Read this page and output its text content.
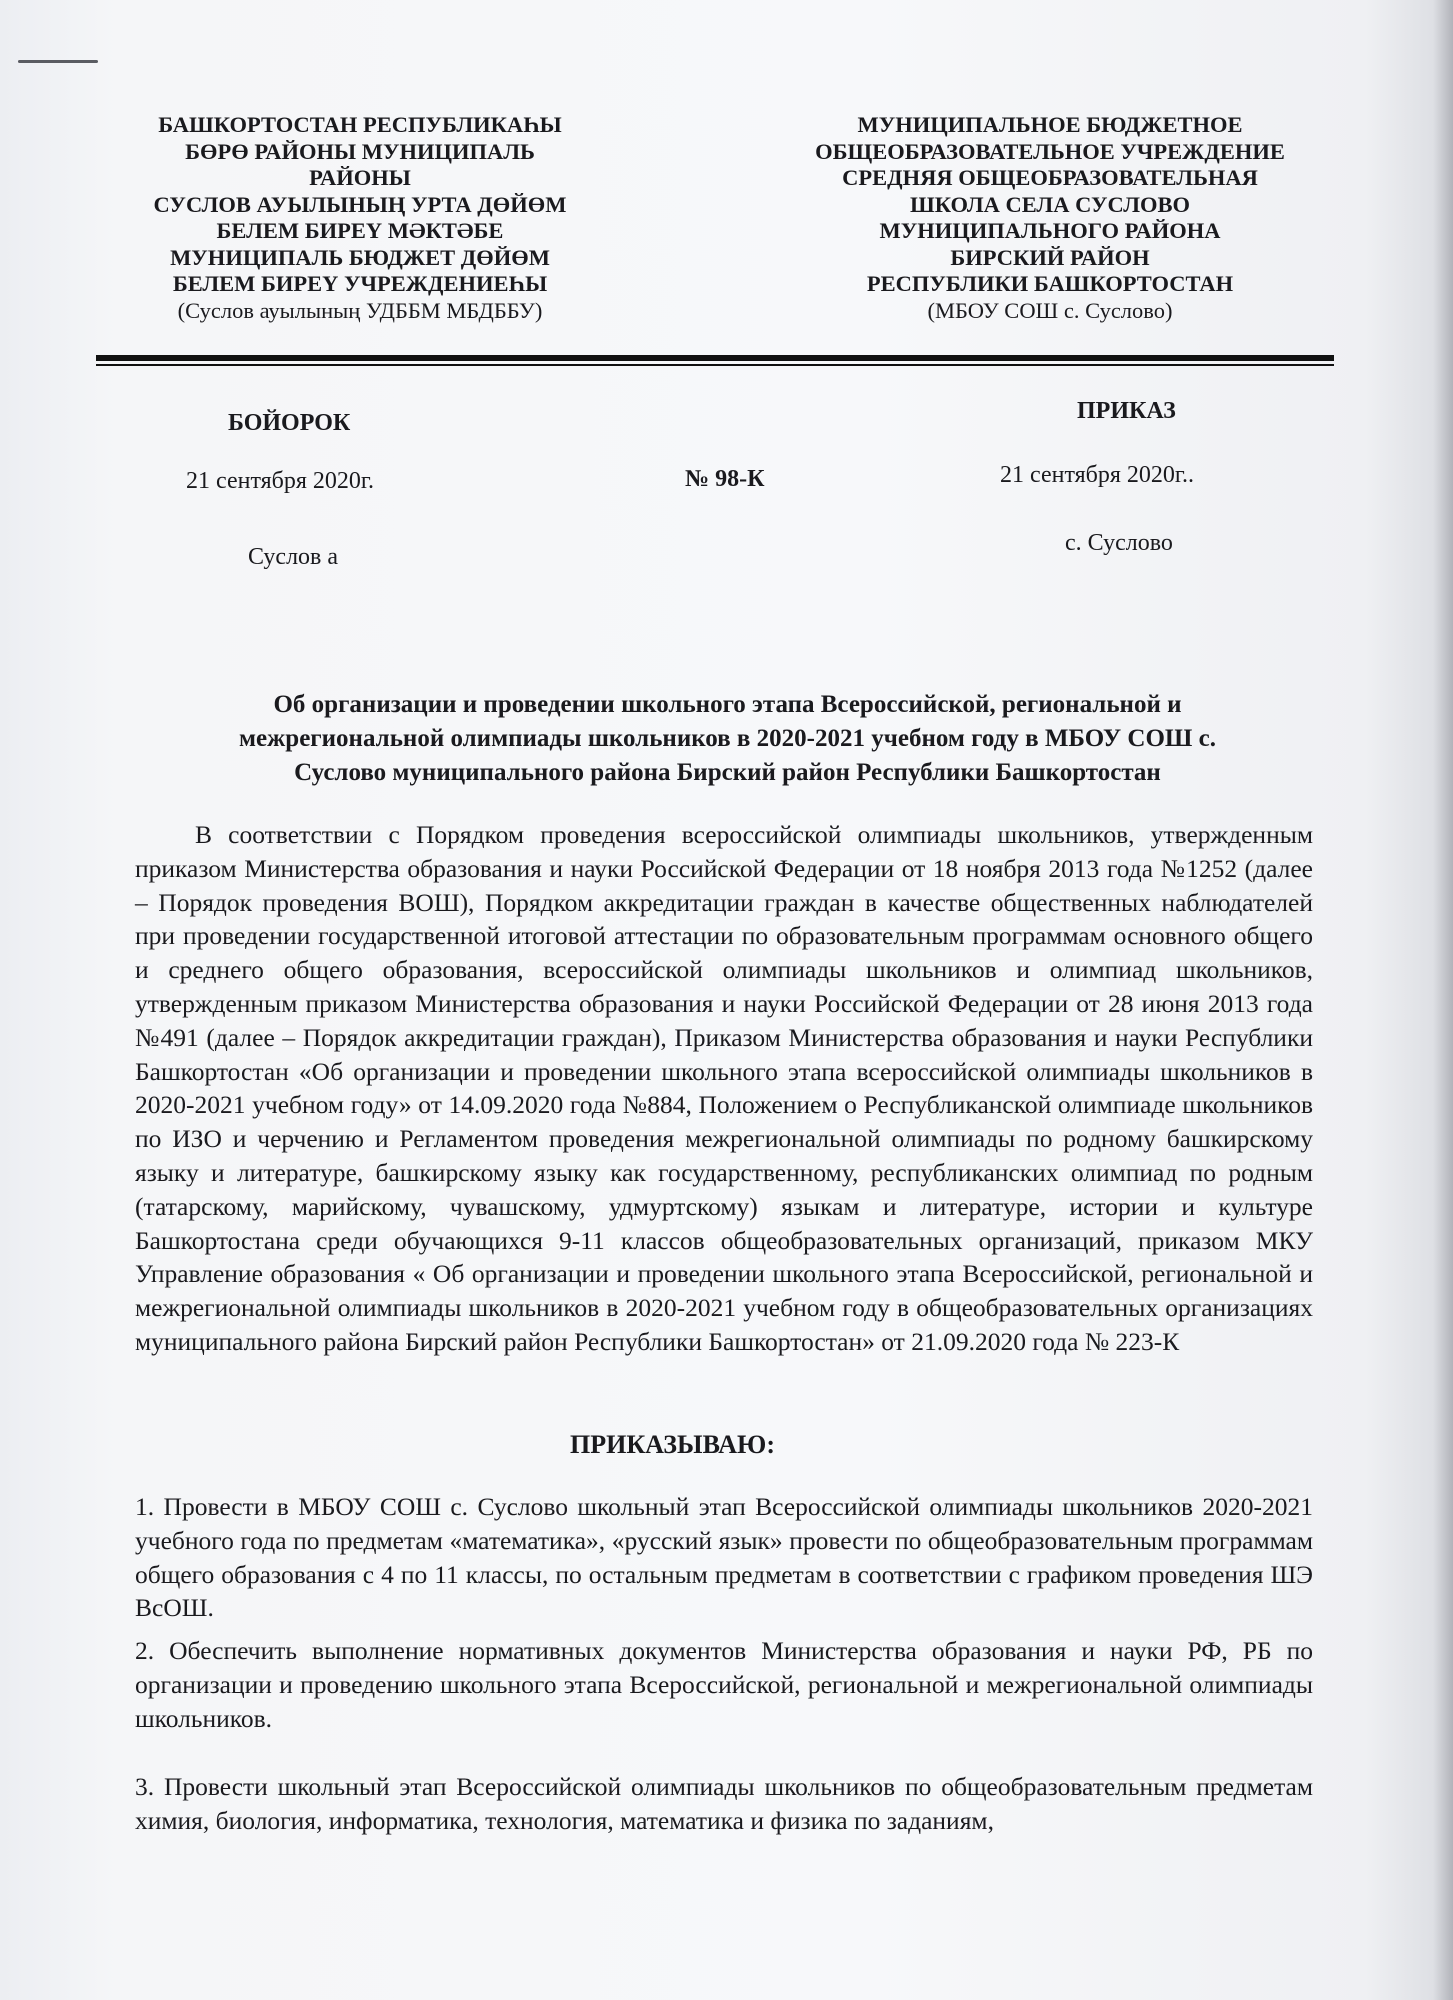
БАШКОРТОСТАН РЕСПУБЛИКАҺЫ
БӨРӨ РАЙОНЫ МУНИЦИПАЛЬ
РАЙОНЫ
СУСЛОВ АУЫЛЫНЫҢ УРТА ДӨЙӨМ
БЕЛЕМ БИРЕҮ МӘКТӘБЕ
МУНИЦИПАЛЬ БЮДЖЕТ ДӨЙӨМ
БЕЛЕМ БИРЕҮ УЧРЕЖДЕНИЕҺЫ
(Суслов ауылының УДББМ МБДББУ)
МУНИЦИПАЛЬНОЕ БЮДЖЕТНОЕ
ОБЩЕОБРАЗОВАТЕЛЬНОЕ УЧРЕЖДЕНИЕ
СРЕДНЯЯ ОБЩЕОБРАЗОВАТЕЛЬНАЯ
ШКОЛА СЕЛА СУСЛОВО
МУНИЦИПАЛЬНОГО РАЙОНА
БИРСКИЙ РАЙОН
РЕСПУБЛИКИ БАШКОРТОСТАН
(МБОУ СОШ с. Суслово)
БОЙОРОК	ПРИКАЗ
21 сентября 2020г.	№ 98-К	21 сентября 2020г..
Суслов а
с. Суслово
Об организации и проведении школьного этапа Всероссийской, региональной и
межрегиональной олимпиады школьников в 2020-2021 учебном году в МБОУ СОШ с.
Суслово муниципального района Бирский район Республики Башкортостан
В соответствии с Порядком проведения всероссийской олимпиады школьников, утвержденным приказом Министерства образования и науки Российской Федерации от 18 ноября 2013 года №1252 (далее – Порядок проведения ВОШ), Порядком аккредитации граждан в качестве общественных наблюдателей при проведении государственной итоговой аттестации по образовательным программам основного общего и среднего общего образования, всероссийской олимпиады школьников и олимпиад школьников, утвержденным приказом Министерства образования и науки Российской Федерации от 28 июня 2013 года №491 (далее – Порядок аккредитации граждан), Приказом Министерства образования и науки Республики Башкортостан «Об организации и проведении школьного этапа всероссийской олимпиады школьников в 2020-2021 учебном году» от 14.09.2020 года №884, Положением о Республиканской олимпиаде школьников по ИЗО и черчению и Регламентом проведения межрегиональной олимпиады по родному башкирскому языку и литературе, башкирскому языку как государственному, республиканских олимпиад по родным (татарскому, марийскому, чувашскому, удмуртскому) языкам и литературе, истории и культуре Башкортостана среди обучающихся 9-11 классов общеобразовательных организаций, приказом МКУ Управление образования « Об организации и проведении школьного этапа Всероссийской, региональной и межрегиональной олимпиады школьников в 2020-2021 учебном году в общеобразовательных организациях муниципального района Бирский район Республики Башкортостан» от 21.09.2020 года № 223-К
ПРИКАЗЫВАЮ:
1. Провести в МБОУ СОШ с. Суслово школьный этап Всероссийской олимпиады школьников 2020-2021 учебного года по предметам «математика», «русский язык» провести по общеобразовательным программам общего образования с 4 по 11 классы, по остальным предметам в соответствии с графиком проведения ШЭ ВсОШ.
2. Обеспечить выполнение нормативных документов Министерства образования и науки РФ, РБ по организации и проведению школьного этапа Всероссийской, региональной и межрегиональной олимпиады школьников.
3. Провести школьный этап Всероссийской олимпиады школьников по общеобразовательным предметам химия, биология, информатика, технология, математика и физика по заданиям,
